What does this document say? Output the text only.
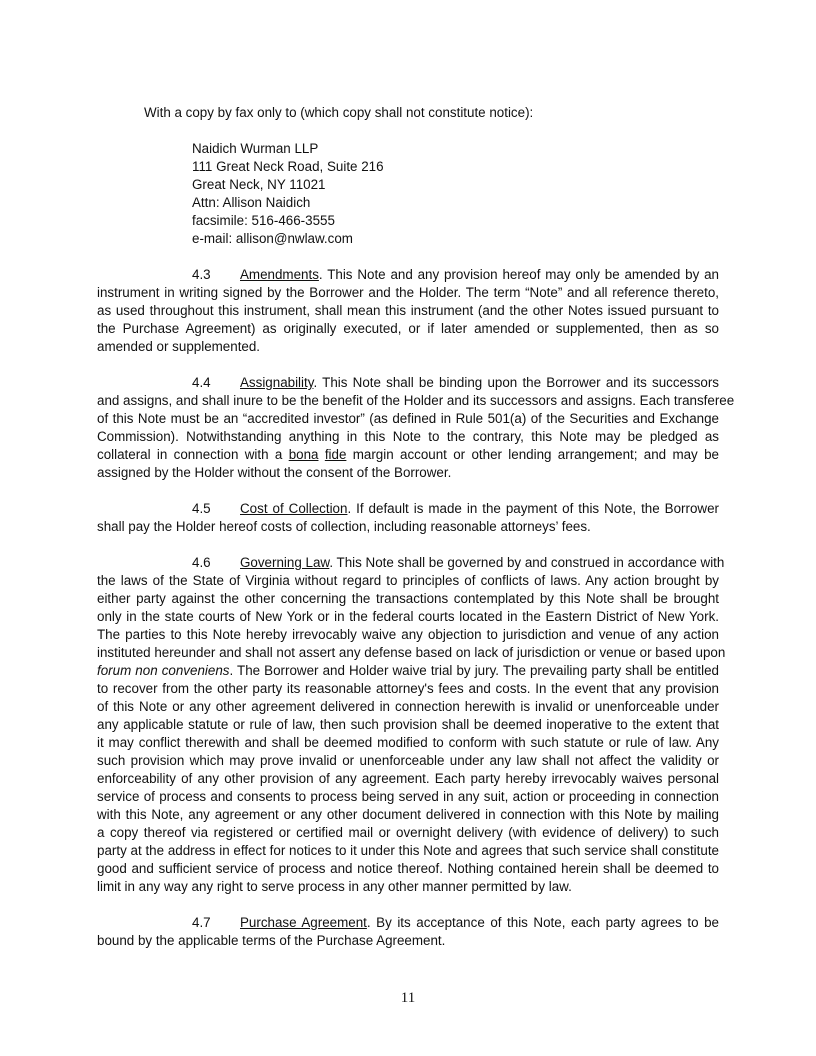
With a copy by fax only to (which copy shall not constitute notice):
Naidich Wurman LLP
111 Great Neck Road, Suite 216
Great Neck, NY 11021
Attn: Allison Naidich
facsimile: 516-466-3555
e-mail: allison@nwlaw.com
4.3 Amendments. This Note and any provision hereof may only be amended by an
instrument in writing signed by the Borrower and the Holder. The term “Note” and all reference thereto,
as used throughout this instrument, shall mean this instrument (and the other Notes issued pursuant to
the Purchase Agreement) as originally executed, or if later amended or supplemented, then as so
amended or supplemented.
4.4 Assignability. This Note shall be binding upon the Borrower and its successors
and assigns, and shall inure to be the benefit of the Holder and its successors and assigns. Each transferee
of this Note must be an “accredited investor” (as defined in Rule 501(a) of the Securities and Exchange
Commission). Notwithstanding anything in this Note to the contrary, this Note may be pledged as
collateral in connection with a bona fide margin account or other lending arrangement; and may be
assigned by the Holder without the consent of the Borrower.
4.5 Cost of Collection. If default is made in the payment of this Note, the Borrower
shall pay the Holder hereof costs of collection, including reasonable attorneys’ fees.
4.6 Governing Law. This Note shall be governed by and construed in accordance with
the laws of the State of Virginia without regard to principles of conflicts of laws. Any action brought by
either party against the other concerning the transactions contemplated by this Note shall be brought
only in the state courts of New York or in the federal courts located in the Eastern District of New York.
The parties to this Note hereby irrevocably waive any objection to jurisdiction and venue of any action
instituted hereunder and shall not assert any defense based on lack of jurisdiction or venue or based upon
forum non conveniens. The Borrower and Holder waive trial by jury. The prevailing party shall be entitled
to recover from the other party its reasonable attorney's fees and costs. In the event that any provision
of this Note or any other agreement delivered in connection herewith is invalid or unenforceable under
any applicable statute or rule of law, then such provision shall be deemed inoperative to the extent that
it may conflict therewith and shall be deemed modified to conform with such statute or rule of law. Any
such provision which may prove invalid or unenforceable under any law shall not affect the validity or
enforceability of any other provision of any agreement. Each party hereby irrevocably waives personal
service of process and consents to process being served in any suit, action or proceeding in connection
with this Note, any agreement or any other document delivered in connection with this Note by mailing
a copy thereof via registered or certified mail or overnight delivery (with evidence of delivery) to such
party at the address in effect for notices to it under this Note and agrees that such service shall constitute
good and sufficient service of process and notice thereof. Nothing contained herein shall be deemed to
limit in any way any right to serve process in any other manner permitted by law.
4.7 Purchase Agreement. By its acceptance of this Note, each party agrees to be
bound by the applicable terms of the Purchase Agreement.
11
